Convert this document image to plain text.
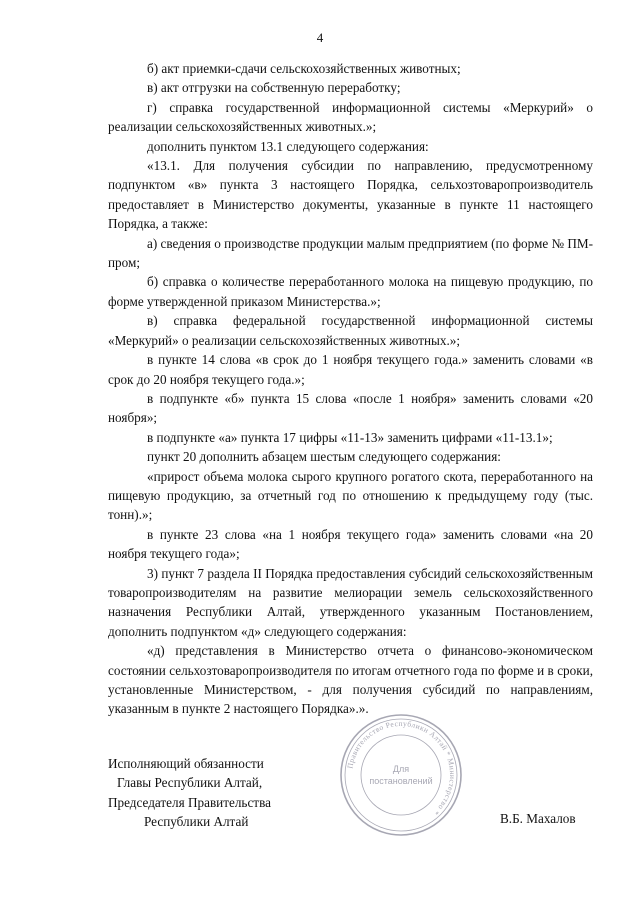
4

б) акт приемки-сдачи сельскохозяйственных животных;

в) акт отгрузки на собственную переработку;

г) справка государственной информационной системы «Меркурий» о реализации сельскохозяйственных животных.»;

дополнить пунктом 13.1 следующего содержания:

«13.1. Для получения субсидии по направлению, предусмотренному подпунктом «в» пункта 3 настоящего Порядка, сельхозтоваропроизводитель предоставляет в Министерство документы, указанные в пункте 11 настоящего Порядка, а также:

а) сведения о производстве продукции малым предприятием (по форме № ПМ-пром;

б) справка о количестве переработанного молока на пищевую продукцию, по форме утвержденной приказом Министерства.»;

в) справка федеральной государственной информационной системы «Меркурий» о реализации сельскохозяйственных животных.»;

в пункте 14 слова «в срок до 1 ноября текущего года.» заменить словами «в срок до 20 ноября текущего года.»;

в подпункте «б» пункта 15 слова «после 1 ноября» заменить словами «20 ноября»;

в подпункте «а» пункта 17 цифры «11-13» заменить цифрами «11-13.1»;

пункт 20 дополнить абзацем шестым следующего содержания:

«прирост объема молока сырого крупного рогатого скота, переработанного на пищевую продукцию, за отчетный год по отношению к предыдущему году (тыс. тонн).»;

в пункте 23 слова «на 1 ноября текущего года» заменить словами «на 20 ноября текущего года»;

3) пункт 7 раздела II Порядка предоставления субсидий сельскохозяйственным товаропроизводителям на развитие мелиорации земель сельскохозяйственного назначения Республики Алтай, утвержденного указанным Постановлением, дополнить подпунктом «д» следующего содержания:

«д) представления в Министерство отчета о финансово-экономическом состоянии сельхозтоваропроизводителя по итогам отчетного года по форме и в сроки, установленные Министерством, - для получения субсидий по направлениям, указанным в пункте 2 настоящего Порядка».».

Исполняющий обязанности
Главы Республики Алтай,
Председателя Правительства
Республики Алтай	В.Б. Махалов
Правительство Республики Алтай * Министерство *
Для
постановлений
